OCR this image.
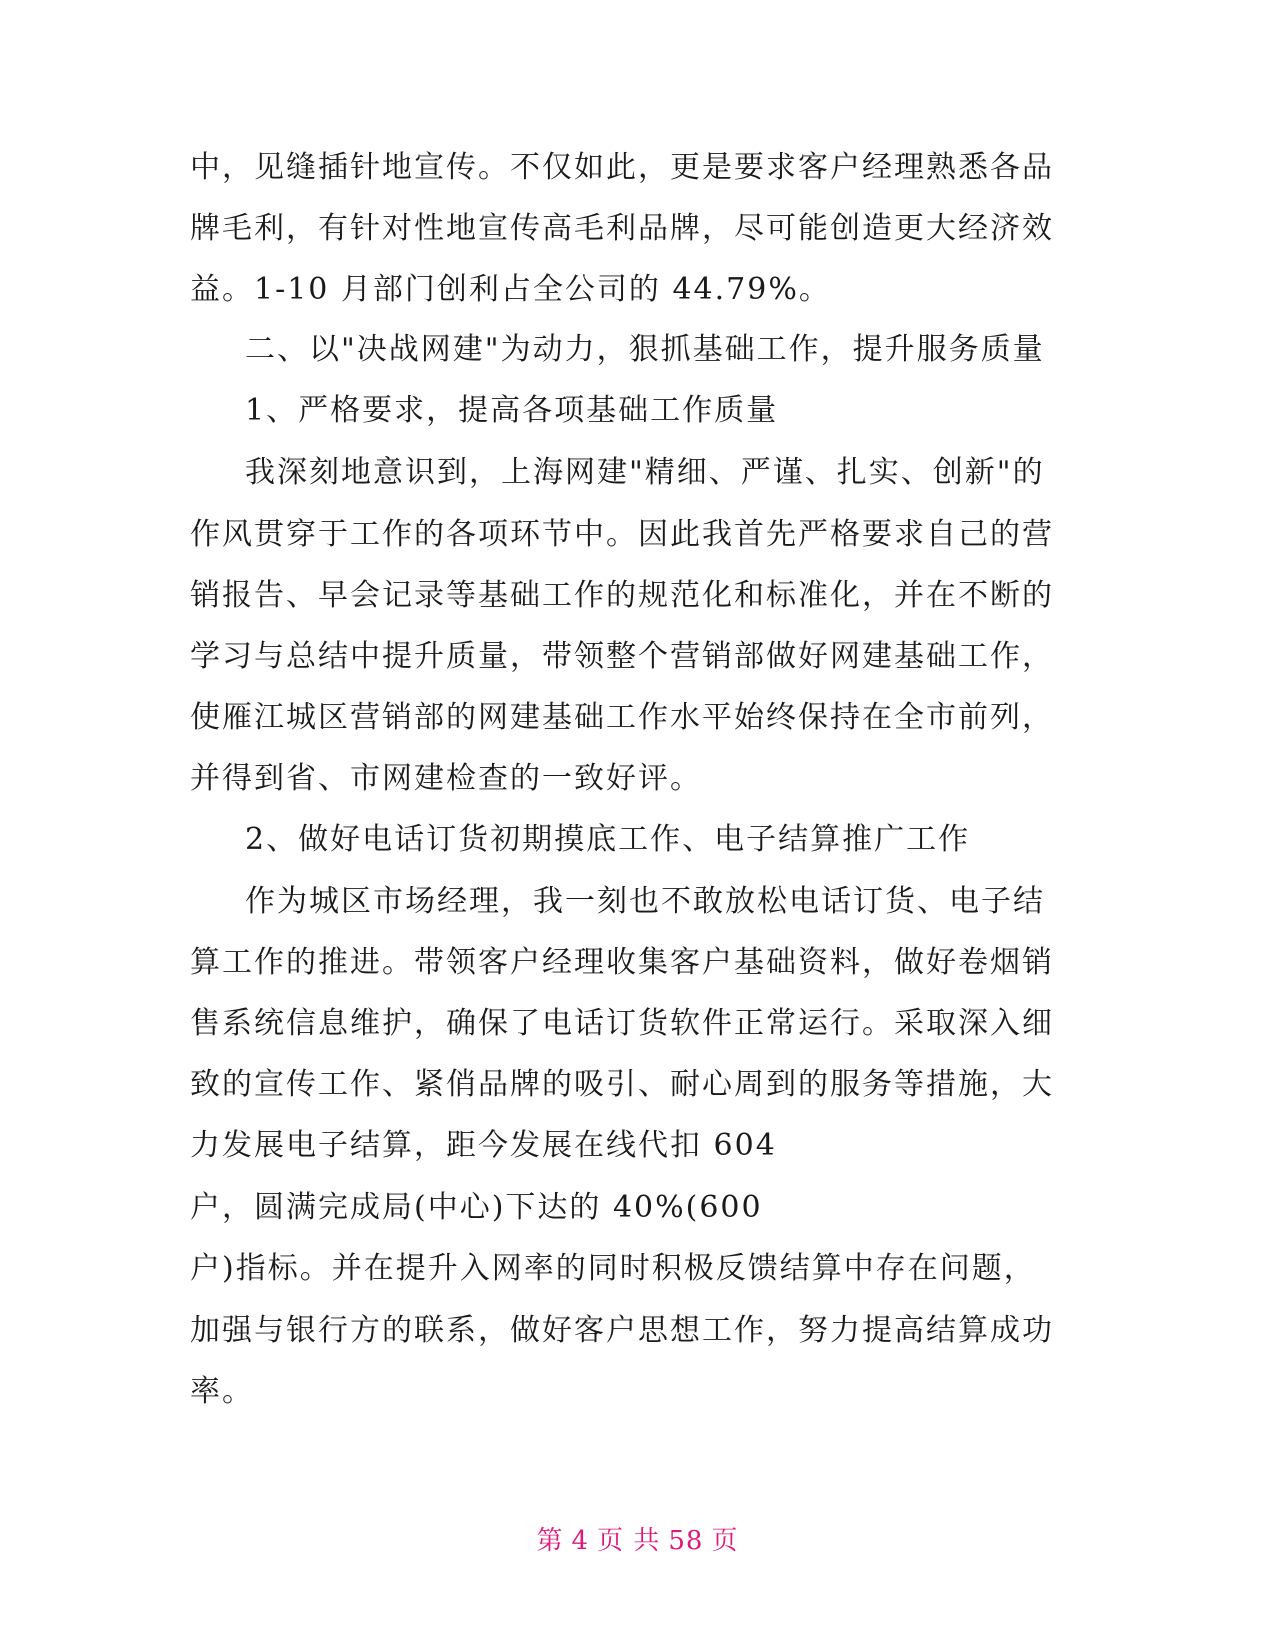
中，见缝插针地宣传。不仅如此，更是要求客户经理熟悉各品
牌毛利，有针对性地宣传高毛利品牌，尽可能创造更大经济效
益。1-10 月部门创利占全公司的 44.79%。
二、以"决战网建"为动力，狠抓基础工作，提升服务质量
1、严格要求，提高各项基础工作质量
我深刻地意识到，上海网建"精细、严谨、扎实、创新"的
作风贯穿于工作的各项环节中。因此我首先严格要求自己的营
销报告、早会记录等基础工作的规范化和标准化，并在不断的
学习与总结中提升质量，带领整个营销部做好网建基础工作，
使雁江城区营销部的网建基础工作水平始终保持在全市前列，
并得到省、市网建检查的一致好评。
2、做好电话订货初期摸底工作、电子结算推广工作
作为城区市场经理，我一刻也不敢放松电话订货、电子结
算工作的推进。带领客户经理收集客户基础资料，做好卷烟销
售系统信息维护，确保了电话订货软件正常运行。采取深入细
致的宣传工作、紧俏品牌的吸引、耐心周到的服务等措施，大
力发展电子结算，距今发展在线代扣 604
户，圆满完成局(中心)下达的 40%(600
户)指标。并在提升入网率的同时积极反馈结算中存在问题，
加强与银行方的联系，做好客户思想工作，努力提高结算成功
率。
第 4 页 共 58 页
